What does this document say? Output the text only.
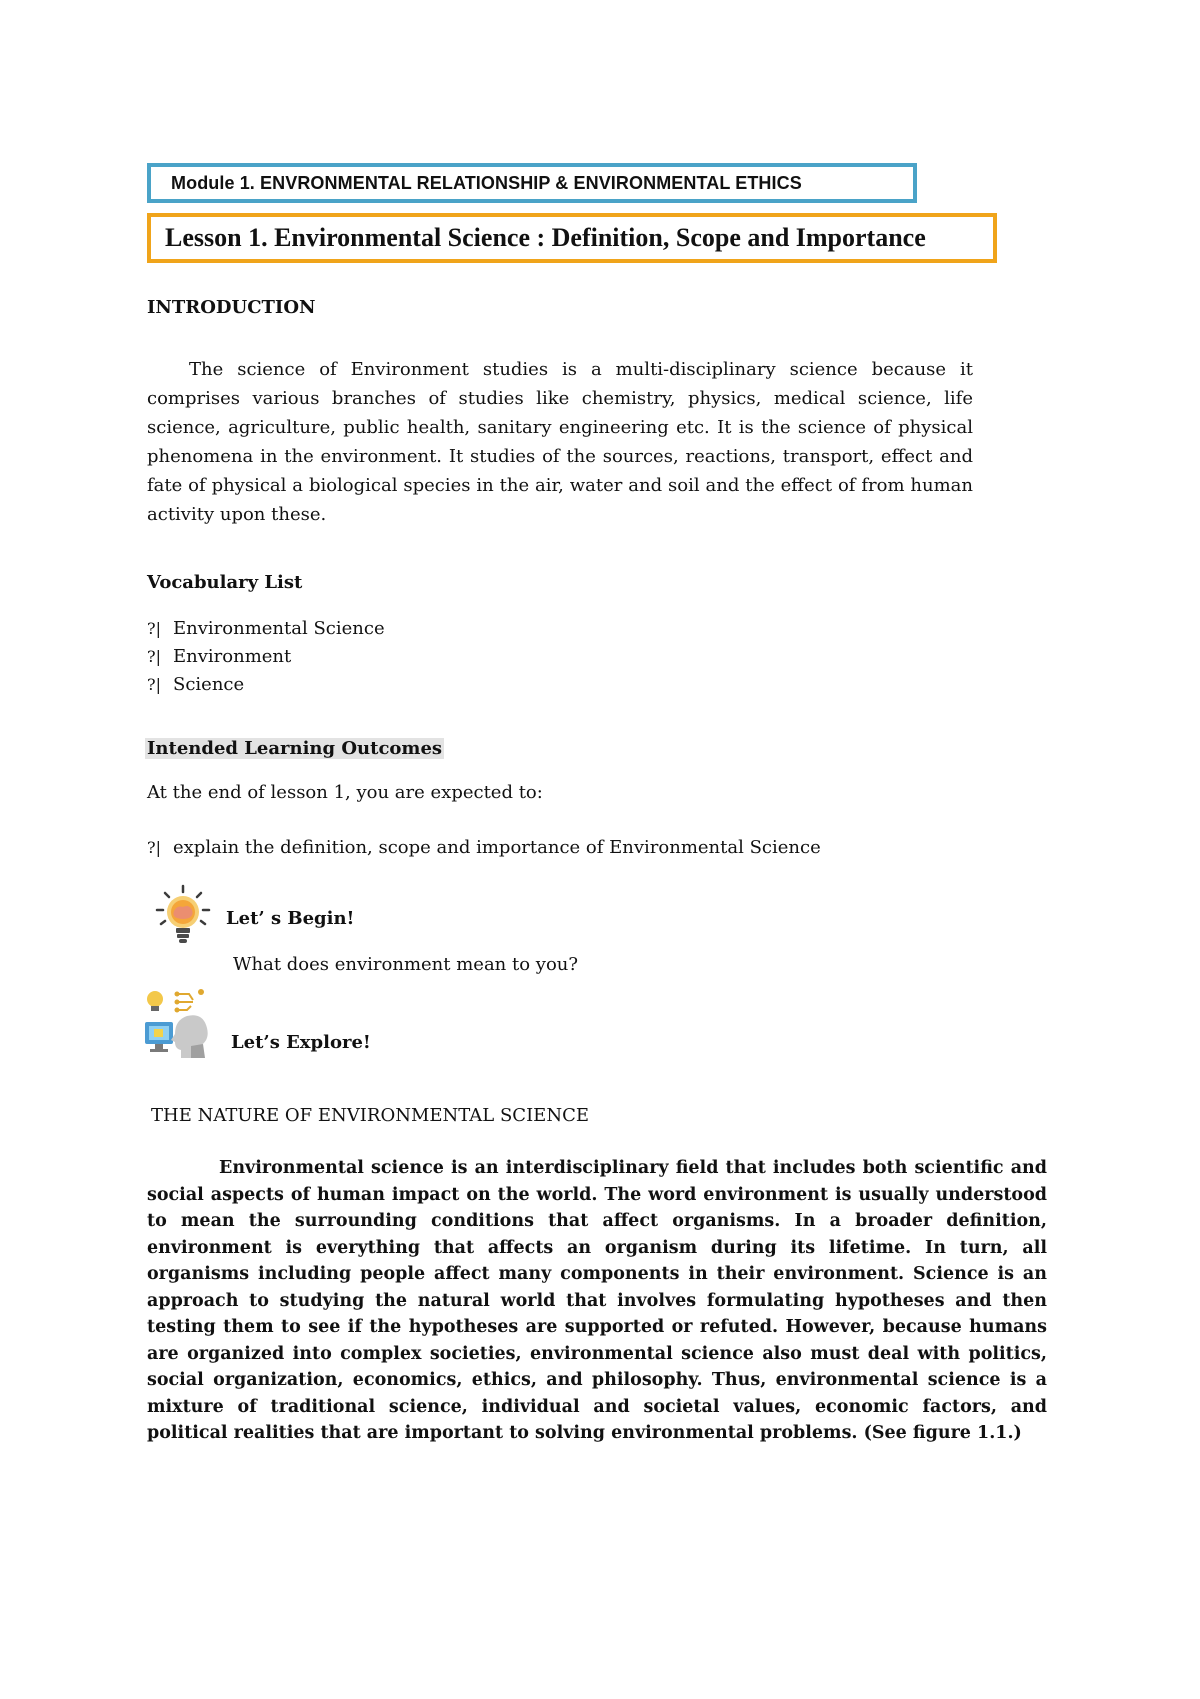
Module 1. ENVRONMENTAL RELATIONSHIP & ENVIRONMENTAL ETHICS
Lesson 1. Environmental Science : Definition, Scope and Importance
INTRODUCTION
The science of Environment studies is a multi-disciplinary science because it comprises various branches of studies like chemistry, physics, medical science, life science, agriculture, public health, sanitary engineering etc. It is the science of physical phenomena in the environment. It studies of the sources, reactions, transport, effect and fate of physical a biological species in the air, water and soil and the effect of from human activity upon these.
Vocabulary List
?| Environmental Science
?| Environment
?| Science
Intended Learning Outcomes
At the end of lesson 1, you are expected to:
?| explain the definition, scope and importance of Environmental Science
Let’ s Begin!
What does environment mean to you?
Let’s Explore!
THE NATURE OF ENVIRONMENTAL SCIENCE
Environmental science is an interdisciplinary field that includes both scientific and social aspects of human impact on the world. The word environment is usually understood to mean the surrounding conditions that affect organisms. In a broader definition, environment is everything that affects an organism during its lifetime. In turn, all organisms including people affect many components in their environment. Science is an approach to studying the natural world that involves formulating hypotheses and then testing them to see if the hypotheses are supported or refuted. However, because humans are organized into complex societies, environmental science also must deal with politics, social organization, economics, ethics, and philosophy. Thus, environmental science is a mixture of traditional science, individual and societal values, economic factors, and political realities that are important to solving environmental problems. (See figure 1.1.)
